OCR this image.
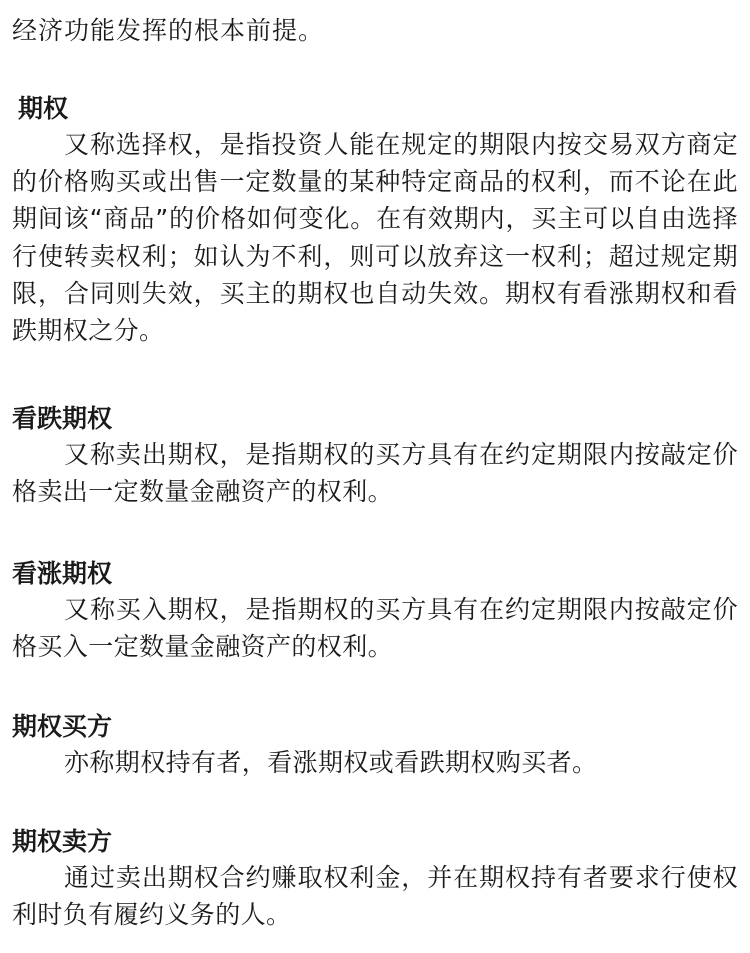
经济功能发挥的根本前提。

期权

又称选择权，是指投资人能在规定的期限内按交易双方商定的价格购买或出售一定数量的某种特定商品的权利，而不论在此期间该“商品”的价格如何变化。在有效期内，买主可以自由选择行使转卖权利；如认为不利，则可以放弃这一权利；超过规定期限，合同则失效，买主的期权也自动失效。期权有看涨期权和看跌期权之分。

看跌期权

又称卖出期权，是指期权的买方具有在约定期限内按敲定价格卖出一定数量金融资产的权利。

看涨期权

又称买入期权，是指期权的买方具有在约定期限内按敲定价格买入一定数量金融资产的权利。

期权买方

亦称期权持有者，看涨期权或看跌期权购买者。

期权卖方

通过卖出期权合约赚取权利金，并在期权持有者要求行使权利时负有履约义务的人。
